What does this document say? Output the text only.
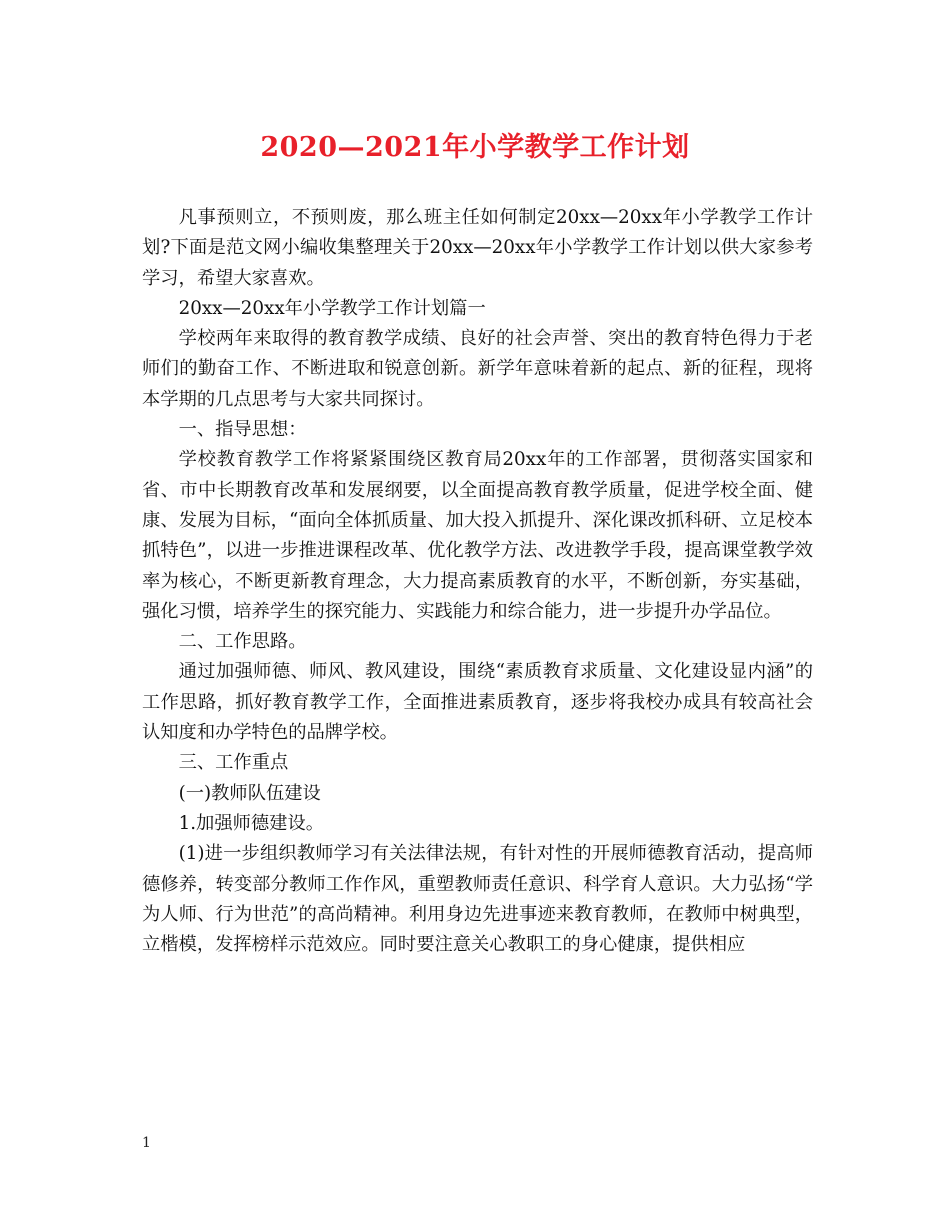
2020—2021年小学教学工作计划

凡事预则立，不预则废，那么班主任如何制定20xx—20xx年小学教学工作计划?下面是范文网小编收集整理关于20xx—20xx年小学教学工作计划以供大家参考学习，希望大家喜欢。

20xx—20xx年小学教学工作计划篇一

学校两年来取得的教育教学成绩、良好的社会声誉、突出的教育特色得力于老师们的勤奋工作、不断进取和锐意创新。新学年意味着新的起点、新的征程，现将本学期的几点思考与大家共同探讨。

一、指导思想：

学校教育教学工作将紧紧围绕区教育局20xx年的工作部署，贯彻落实国家和省、市中长期教育改革和发展纲要，以全面提高教育教学质量，促进学校全面、健康、发展为目标，“面向全体抓质量、加大投入抓提升、深化课改抓科研、立足校本抓特色”，以进一步推进课程改革、优化教学方法、改进教学手段，提高课堂教学效率为核心，不断更新教育理念，大力提高素质教育的水平，不断创新，夯实基础，强化习惯，培养学生的探究能力、实践能力和综合能力，进一步提升办学品位。

二、工作思路。

通过加强师德、师风、教风建设，围绕“素质教育求质量、文化建设显内涵”的工作思路，抓好教育教学工作，全面推进素质教育，逐步将我校办成具有较高社会认知度和办学特色的品牌学校。

三、工作重点

(一)教师队伍建设

1.加强师德建设。

(1)进一步组织教师学习有关法律法规，有针对性的开展师德教育活动，提高师德修养，转变部分教师工作作风，重塑教师责任意识、科学育人意识。大力弘扬“学为人师、行为世范”的高尚精神。利用身边先进事迹来教育教师，在教师中树典型，立楷模，发挥榜样示范效应。同时要注意关心教职工的身心健康，提供相应

1
